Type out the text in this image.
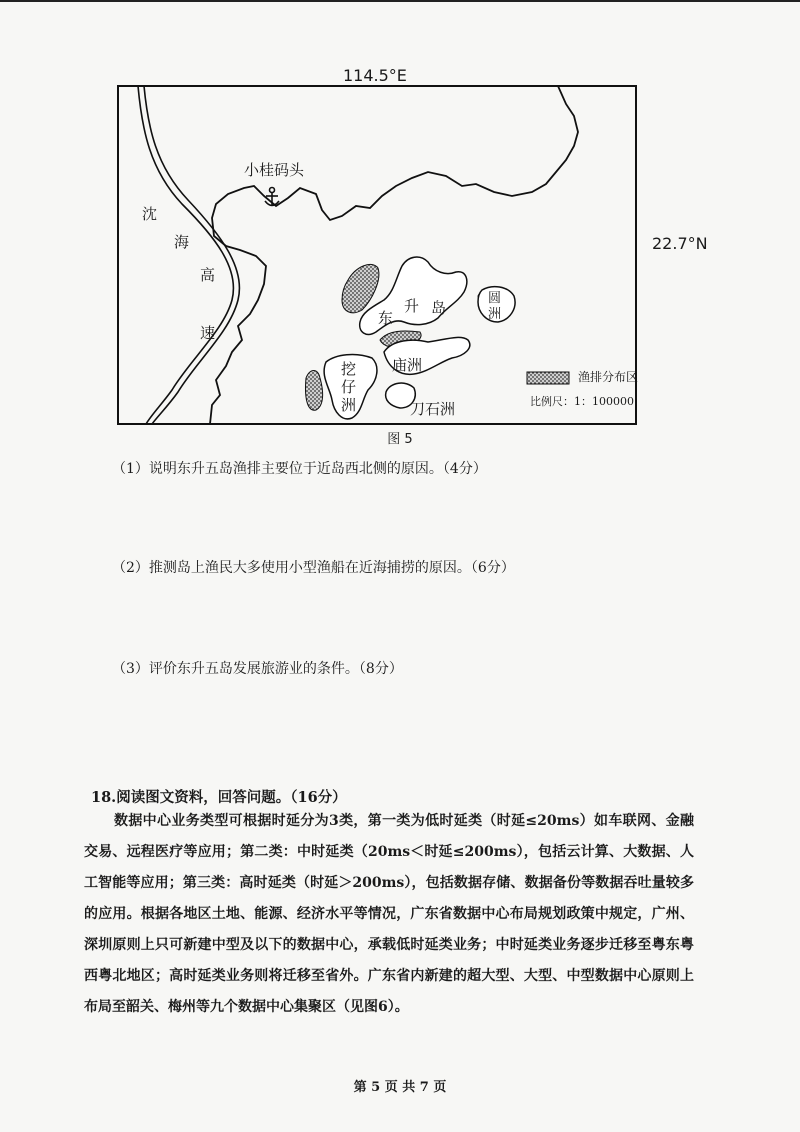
114.5°E
22.7°N
小桂码头
沈
海
高
速
东
升 岛
圆
洲
庙洲
挖
仔
洲	刀石洲
渔排分布区
比例尺：1：100000
图 5
（1）说明东升五岛渔排主要位于近岛西北侧的原因。（4分）
（2）推测岛上渔民大多使用小型渔船在近海捕捞的原因。（6分）
（3）评价东升五岛发展旅游业的条件。（8分）
18.阅读图文资料，回答问题。（16分）

数据中心业务类型可根据时延分为3类，第一类为低时延类（时延≤20ms）如车联网、金融交易、远程医疗等应用；第二类：中时延类（20ms＜时延≤200ms），包括云计算、大数据、人工智能等应用；第三类：高时延类（时延＞200ms），包括数据存储、数据备份等数据吞吐量较多的应用。根据各地区土地、能源、经济水平等情况，广东省数据中心布局规划政策中规定，广州、深圳原则上只可新建中型及以下的数据中心，承载低时延类业务；中时延类业务逐步迁移至粤东粤西粤北地区；高时延类业务则将迁移至省外。广东省内新建的超大型、大型、中型数据中心原则上布局至韶关、梅州等九个数据中心集聚区（见图6）。

第 5 页 共 7 页
